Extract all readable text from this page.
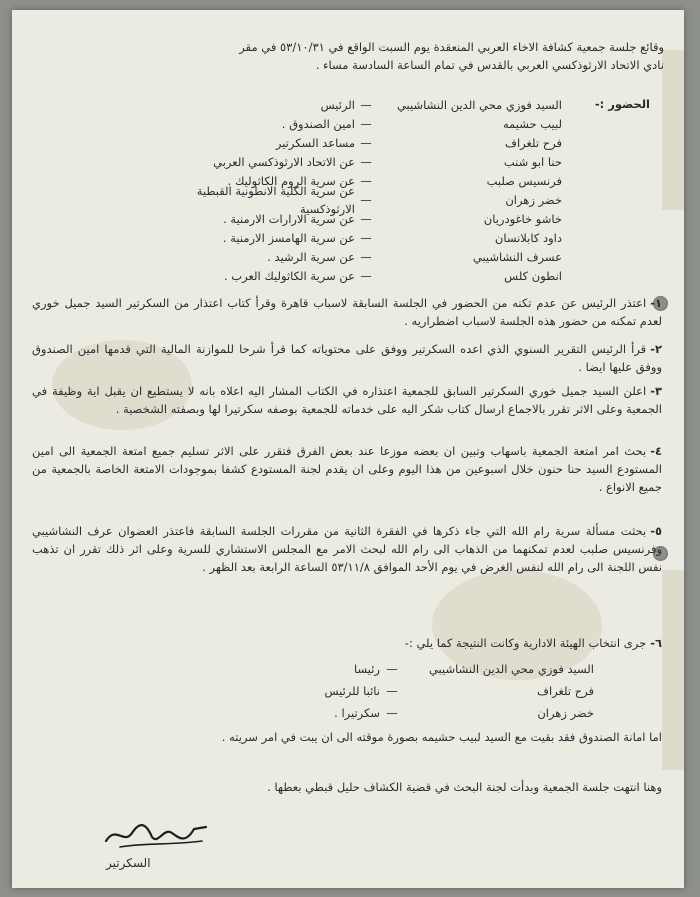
وقائع جلسة جمعية كشافة الاخاء العربي المنعقدة يوم السبت الواقع في ٥٣/١٠/٣١ في مقر

نادي الاتحاد الارثوذكسي العربي بالقدس في تمام الساعة السادسة مساء .

الحضور :-
السيد فوزي محي الدين النشاشيبي
—
الرئيس
لبيب حشيمه
—
امين الصندوق .
فرح تلغراف
—
مساعد السكرتير
حنا ابو شنب
—
عن الاتحاد الارثوذكسي العربي
فرنسيس صلبب
—
عن سرية الروم الكاثوليك .
خضر زهران
—
عن سرية الكلية الانطونية القبطية الارثوذكسية
خاشو خاغودريان
—
عن سرية الارارات الارمنية .
داود كابلانسان
—
عن سرية الهامسز الارمنية .
عسرف النشاشيبي
—
عن سرية الرشيد .
انطون كلس
—
عن سرية الكاثوليك العرب .

١-اعتذر الرئيس عن عدم تكنه من الحضور في الجلسة السابقة لاسباب قاهرة وقرأ كتاب اعتذار من السكرتير السيد جميل خوري لعدم تمكنه من حضور هذه الجلسة لاسباب اضطراريه .

٢-قرأ الرئيس التقرير السنوي الذي اعده السكرتير ووفق على محتوياته كما قرأ شرحا للموازنة المالية التي قدمها امين الصندوق ووفق عليها ايضا .

٣-اعلن السيد جميل خوري السكرتير السابق للجمعية اعتذاره في الكتاب المشار اليه اعلاه بانه لا يستطيع ان يقبل اية وظيفة في الجمعية وعلى الاثر تقرر بالاجماع ارسال كتاب شكر اليه على خدماته للجمعية بوصفه سكرتيرا لها وبصفته الشخصية .

٤-بحث امر امتعة الجمعية باسهاب وتبين ان بعضه موزعا عند بعض الفرق فتقرر على الاثر تسليم جميع امتعة الجمعية الى امين المستودع السيد حنا حنون خلال اسبوعين من هذا اليوم وعلى ان يقدم لجنة المستودع كشفا بموجودات الامتعة الخاصة بالجمعية من جميع الانواع .

٥-بحثت مسألة سرية رام الله التي جاء ذكرها في الفقرة الثانية من مقررات الجلسة السابقة فاعتذر العضوان عرف النشاشيبي وفرنسيس صلبب لعدم تمكنهما من الذهاب الى رام الله لبحث الامر مع المجلس الاستشاري للسرية وعلى اثر ذلك تقرر ان تذهب نفس اللجنة الى رام الله لنفس الغرض في يوم الأحد الموافق ٥٣/١١/٨ الساعة الرابعة بعد الظهر .

٦-جرى انتخاب الهيئة الادارية وكانت النتيجة كما يلي :-

السيد فوزي محي الدين النشاشيبي
—
رئيسا
فرح تلغراف
—
نائبا للرئيس
خضر زهران
—
سكرتيرا .

اما امانة الصندوق فقد بقيت مع السيد لبيب حشيمه بصورة موقته الى ان يبت في امر سريته .

وهنا انتهت جلسة الجمعية وبدأت لجنة البحث في قضية الكشاف حليل قبطي بعطها .

السكرتير
